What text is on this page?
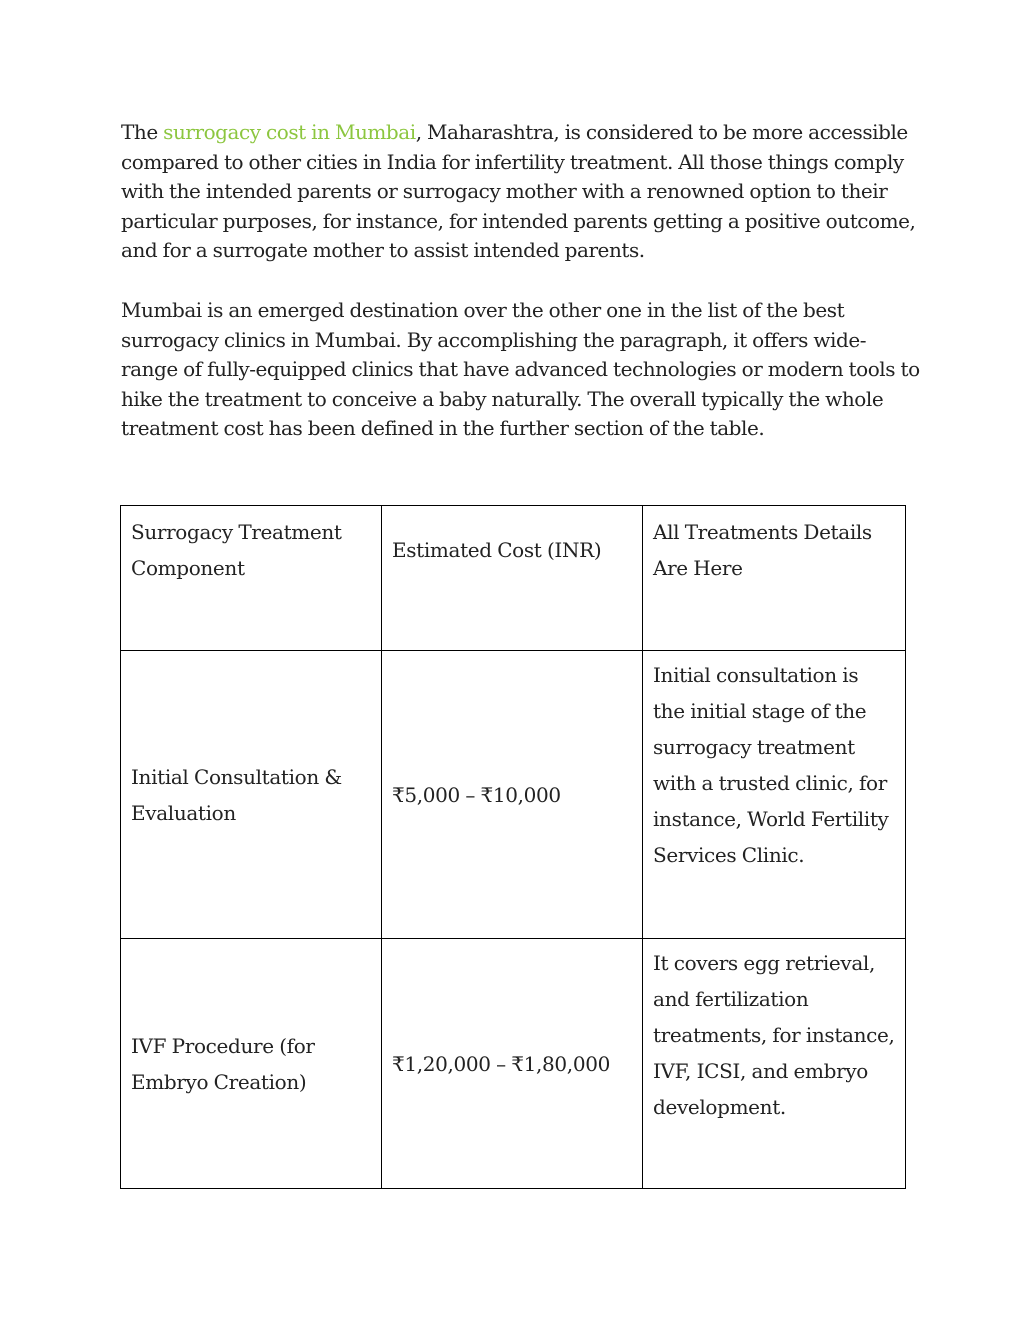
The surrogacy cost in Mumbai, Maharashtra, is considered to be more accessible compared to other cities in India for infertility treatment. All those things comply with the intended parents or surrogacy mother with a renowned option to their particular purposes, for instance, for intended parents getting a positive outcome, and for a surrogate mother to assist intended parents.

Mumbai is an emerged destination over the other one in the list of the best surrogacy clinics in Mumbai. By accomplishing the paragraph, it offers wide-range of fully-equipped clinics that have advanced technologies or modern tools to hike the treatment to conceive a baby naturally. The overall typically the whole treatment cost has been defined in the further section of the table.

Surrogacy Treatment Component	Estimated Cost (INR)	All Treatments Details Are Here

Initial Consultation & Evaluation	₹5,000 – ₹10,000	Initial consultation is the initial stage of the surrogacy treatment with a trusted clinic, for instance, World Fertility Services Clinic.

IVF Procedure (for Embryo Creation)	₹1,20,000 – ₹1,80,000	It covers egg retrieval, and fertilization treatments, for instance, IVF, ICSI, and embryo development.
